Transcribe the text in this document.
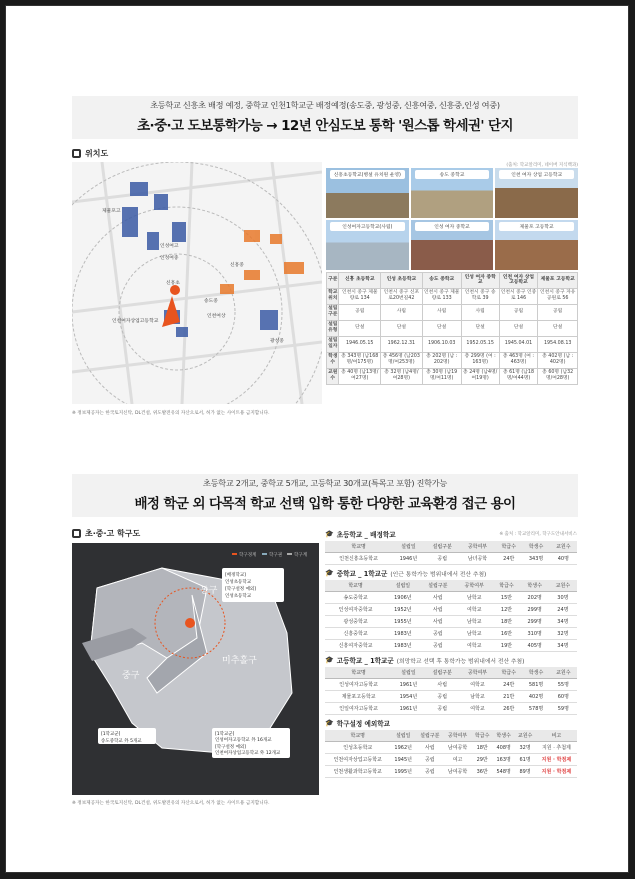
초등학교 신흥초 배정 예정, 중학교 인천1학교군 배정예정(송도중, 광성중, 신흥여중, 신흥중,인성 여중)
초·중·고 도보통학가능 → 12년 안심도보 통학 '원스톱 학세권' 단지
위치도
제물포고
인성여고
인성여중
신흥초
인천여자상업고등학교
송도중
광성중
인천여상
신흥중
(출처: 학교알리미, 네이버 지식백과)
신흥초등학교(병설 유치원 운영)	송도 중학교	인천 여자 상업 고등학교
인성여자고등학교(사립)	인성 여자 중학교	제물포 고등학교
구분	신흥 초등학교	인성 초등학교	송도 중학교	인성 여자 중학교	인천 여자 상업 고등학교	제물포 고등학교
학교 위치	인천시 중구 제물량로 134	인천시 중구 신포로20번길42	인천시 중구 제물량로 133	인천시 중구 송학로 39	인천시 중구 인중로 146	인천시 중구 자유공원로 56
설립 구분	공립	사립	사립	사립	공립	공립
설립 유형	단설	단설	단설	단설	단설	단설
설립 일자	1946.05.15	1962.12.31	1906.10.03	1952.05.15	1945.04.01	1954.08.13
학생수	총 343명 (남168명/여175명)	총 456명 (남203명/여253명)	총 202명 (남 : 202명)	총 299명 (여 : 163명)	총 463명 (여 : 463명)	총 402명 (남 : 402명)
교원수	총 40명 (남13명/여27명)	총 32명 (남4명/여28명)	총 30명 (남19명/여11명)	총 24명 (남4명/여19명)	총 61명 (남18명/여44명)	총 60명 (남32명/여28명)
※ 정보제공자는 한국토지신탁, DL건설, 위도발전유의 자산으로서, 허가 없는 사이트용 금지합니다.
초등학교 2개교, 중학교 5개교, 고등학교 30개교(특목고 포함) 진학가능
배정 학군 외 다목적 학교 선택 입학 통한 다양한 교육환경 접근 용이
초·중·고 학구도
학구경계	학구권	학구계
동구
중구
미추홀구
[배정학교]
인성초등학교
[학구설정 예외]
인성초등학교
[1학교군]
송도중학교 外 5개교
[1학교군]
인성여자고등학교 外 16개교
[학구설정 예외]
인천여자상업고등학교 外 12개교
※ 정보제공자는 한국토지신탁, DL건설, 위도발전유의 자산으로서, 허가 없는 사이트용 금지합니다.
🎓 초등학교 _ 배정학교	※ 출처 : 학교알리미, 학구도안내서비스
학교명	설립일	설립구분	공학여부	학급수	학생수	교원수
인천신흥초등학교	1946년	공립	남녀공학	24반	343명	40명
🎓 중학교 _ 1학교군 (인근 통학가능 범위내에서 전산 추첨)
학교명	설립일	설립구분	공학여부	학급수	학생수	교원수
송도중학교	1906년	사립	남학교	15반	202명	30명
인성여자중학교	1952년	사립	여학교	12반	299명	24명
광성중학교	1955년	사립	남학교	18반	299명	34명
신흥중학교	1983년	공립	남학교	16반	310명	32명
신흥여자중학교	1983년	공립	여학교	19반	405명	34명
🎓 고등학교 _ 1학교군 (희망학교 선택 후 통학가능 범위내에서 전산 추첨)
학교명	설립일	설립구분	공학여부	학급수	학생수	교원수
인성여자고등학교	1961년	사립	여학교	24반	581명	55명
제물포고등학교	1954년	공립	남학교	21반	402명	60명
인일여자고등학교	1961년	공립	여학교	26반	578명	59명
🎓 학구설정 예외학교
학교명	설립일	설립구분	공학여부	학급수	학생수	교원수	비고
인성초등학교	1962년	사립	남여공학	18반	408명	32명	지원 · 추첨제
인천여자상업고등학교	1945년	공립	여고	29반	163명	61명	지원 · 학점제
인천생활과학고등학교	1995년	공립	남여공학	36반	548명	89명	지원 · 학점제
